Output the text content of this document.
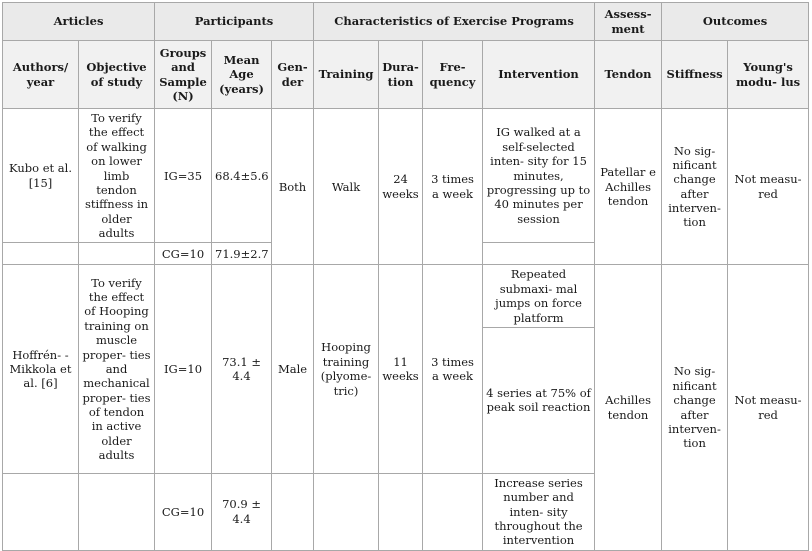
Articles		Participants			Characteristics of Exercise Programs				Assess- ment	Outcomes	
Authors/ year	Objective of study	Groups and Sample (N)	Mean Age (years)	Gen- der	Training	Dura- tion	Fre- quency	Intervention	Tendon	Stiffness	Young's modu- lus
Kubo et al. [15]	To verify the effect of walking on lower limb tendon stiffness in older adults	IG=35	68.4±5.6	Both	Walk	24 weeks	3 times a week	IG walked at a self-selected inten- sity for 15 minutes, progressing up to 40 minutes per session	Patellar e Achilles tendon	No sig- nificant change after interven- tion	Not measu- red
		CG=10	71.9±2.7								
Hoffrén- -Mikkola et al. [6]	To verify the effect of Hooping training on muscle proper- ties and mechanical proper- ties of tendon in active older adults	IG=10	73.1 ± 4.4	Male	Hooping training (plyome- tric)	11 weeks	3 times a week	Repeated submaxi- mal jumps on force platform	Achilles tendon	No sig- nificant change after interven- tion	Not measu- red
								4 series at 75% of peak soil reaction			
		CG=10	70.9 ± 4.4					Increase series number and inten- sity throughout the intervention			
